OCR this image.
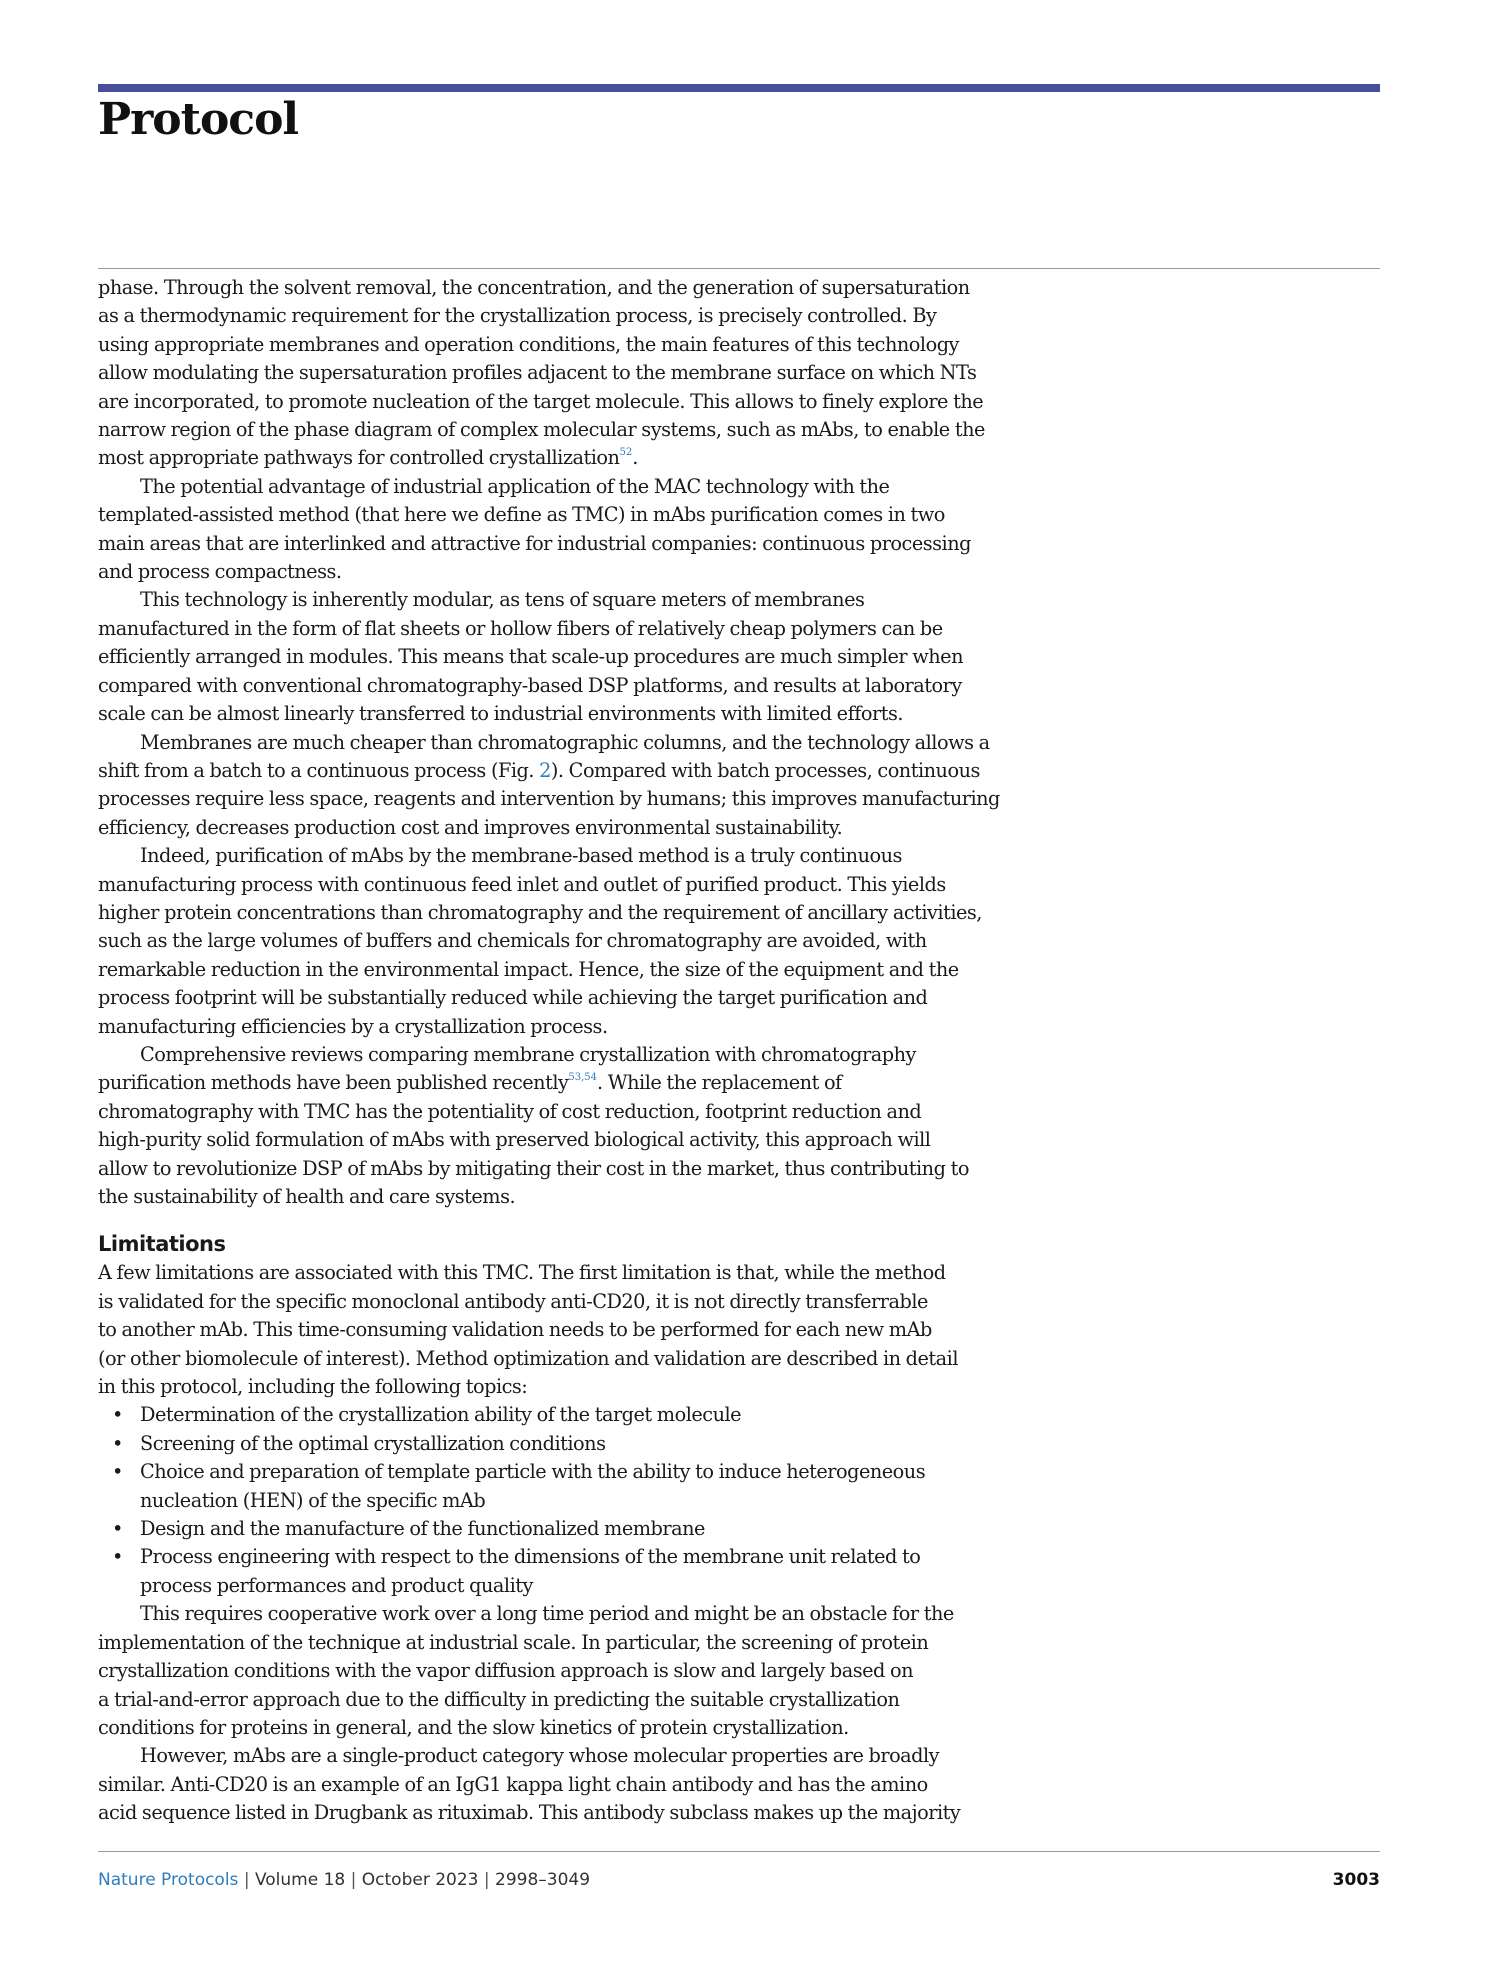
Protocol

phase. Through the solvent removal, the concentration, and the generation of supersaturation
as a thermodynamic requirement for the crystallization process, is precisely controlled. By
using appropriate membranes and operation conditions, the main features of this technology
allow modulating the supersaturation profiles adjacent to the membrane surface on which NTs
are incorporated, to promote nucleation of the target molecule. This allows to finely explore the
narrow region of the phase diagram of complex molecular systems, such as mAbs, to enable the
most appropriate pathways for controlled crystallization$^{52}$.

The potential advantage of industrial application of the MAC technology with the
templated-assisted method (that here we define as TMC) in mAbs purification comes in two
main areas that are interlinked and attractive for industrial companies: continuous processing
and process compactness.

This technology is inherently modular, as tens of square meters of membranes
manufactured in the form of flat sheets or hollow fibers of relatively cheap polymers can be
efficiently arranged in modules. This means that scale-up procedures are much simpler when
compared with conventional chromatography-based DSP platforms, and results at laboratory
scale can be almost linearly transferred to industrial environments with limited efforts.

Membranes are much cheaper than chromatographic columns, and the technology allows a
shift from a batch to a continuous process (Fig. 2). Compared with batch processes, continuous
processes require less space, reagents and intervention by humans; this improves manufacturing
efficiency, decreases production cost and improves environmental sustainability.

Indeed, purification of mAbs by the membrane-based method is a truly continuous
manufacturing process with continuous feed inlet and outlet of purified product. This yields
higher protein concentrations than chromatography and the requirement of ancillary activities,
such as the large volumes of buffers and chemicals for chromatography are avoided, with
remarkable reduction in the environmental impact. Hence, the size of the equipment and the
process footprint will be substantially reduced while achieving the target purification and
manufacturing efficiencies by a crystallization process.

Comprehensive reviews comparing membrane crystallization with chromatography
purification methods have been published recently$^{53,54}$. While the replacement of
chromatography with TMC has the potentiality of cost reduction, footprint reduction and
high-purity solid formulation of mAbs with preserved biological activity, this approach will
allow to revolutionize DSP of mAbs by mitigating their cost in the market, thus contributing to
the sustainability of health and care systems.

Limitations

A few limitations are associated with this TMC. The first limitation is that, while the method
is validated for the specific monoclonal antibody anti-CD20, it is not directly transferrable
to another mAb. This time-consuming validation needs to be performed for each new mAb
(or other biomolecule of interest). Method optimization and validation are described in detail
in this protocol, including the following topics:

• Determination of the crystallization ability of the target molecule
• Screening of the optimal crystallization conditions
• Choice and preparation of template particle with the ability to induce heterogeneous
nucleation (HEN) of the specific mAb
• Design and the manufacture of the functionalized membrane
• Process engineering with respect to the dimensions of the membrane unit related to
process performances and product quality

This requires cooperative work over a long time period and might be an obstacle for the
implementation of the technique at industrial scale. In particular, the screening of protein
crystallization conditions with the vapor diffusion approach is slow and largely based on
a trial-and-error approach due to the difficulty in predicting the suitable crystallization
conditions for proteins in general, and the slow kinetics of protein crystallization.

However, mAbs are a single-product category whose molecular properties are broadly
similar. Anti-CD20 is an example of an IgG1 kappa light chain antibody and has the amino
acid sequence listed in Drugbank as rituximab. This antibody subclass makes up the majority

Nature Protocols | Volume 18 | October 2023 | 2998–3049	3003
